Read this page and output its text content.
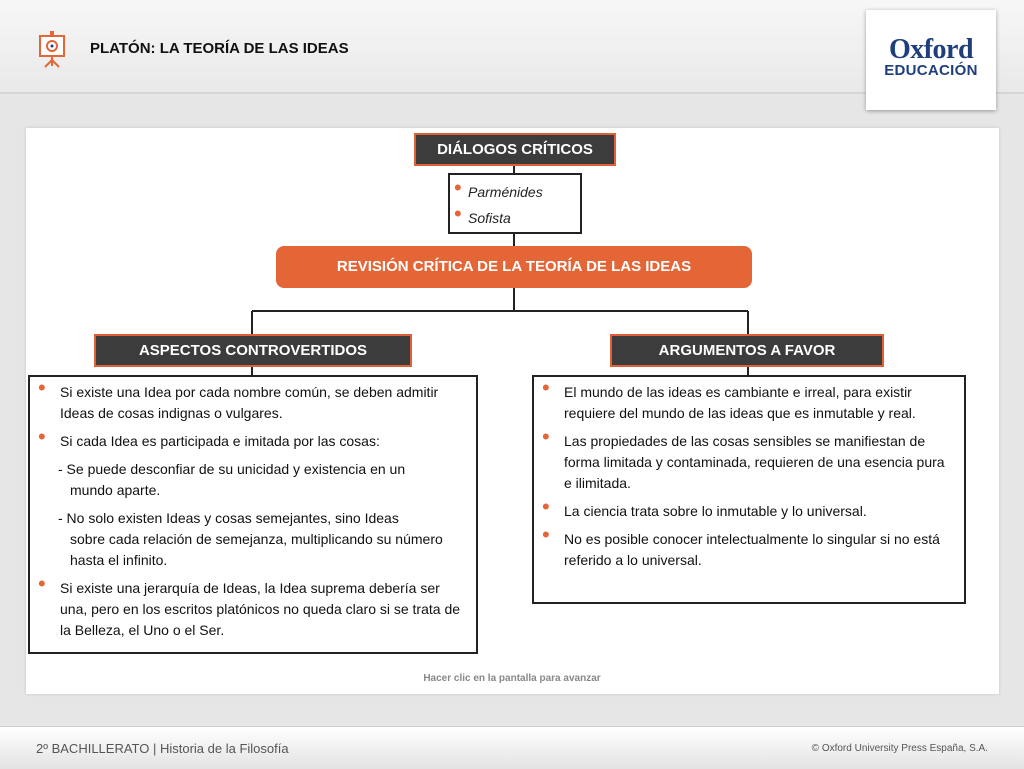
PLATÓN: LA TEORÍA DE LAS IDEAS	Oxford
EDUCACIÓN
DIÁLOGOS CRÍTICOS
• Parménides
• Sofista
REVISIÓN CRÍTICA DE LA TEORÍA DE LAS IDEAS
ASPECTOS CONTROVERTIDOS	ARGUMENTOS A FAVOR
• Si existe una Idea por cada nombre común, se deben admitir Ideas de cosas indignas o vulgares.
• Si cada Idea es participada e imitada por las cosas:
- Se puede desconfiar de su unicidad y existencia en un
mundo aparte.
- No solo existen Ideas y cosas semejantes, sino Ideas
sobre cada relación de semejanza, multiplicando su número hasta el infinito.
• Si existe una jerarquía de Ideas, la Idea suprema debería ser una, pero en los escritos platónicos no queda claro si se trata de la Belleza, el Uno o el Ser.
• El mundo de las ideas es cambiante e irreal, para existir requiere del mundo de las ideas que es inmutable y real.
• Las propiedades de las cosas sensibles se manifiestan de forma limitada y contaminada, requieren de una esencia pura e ilimitada.
• La ciencia trata sobre lo inmutable y lo universal.
• No es posible conocer intelectualmente lo singular si no está referido a lo universal.
Hacer clic en la pantalla para avanzar
2º BACHILLERATO | Historia de la Filosofía	© Oxford University Press España, S.A.
